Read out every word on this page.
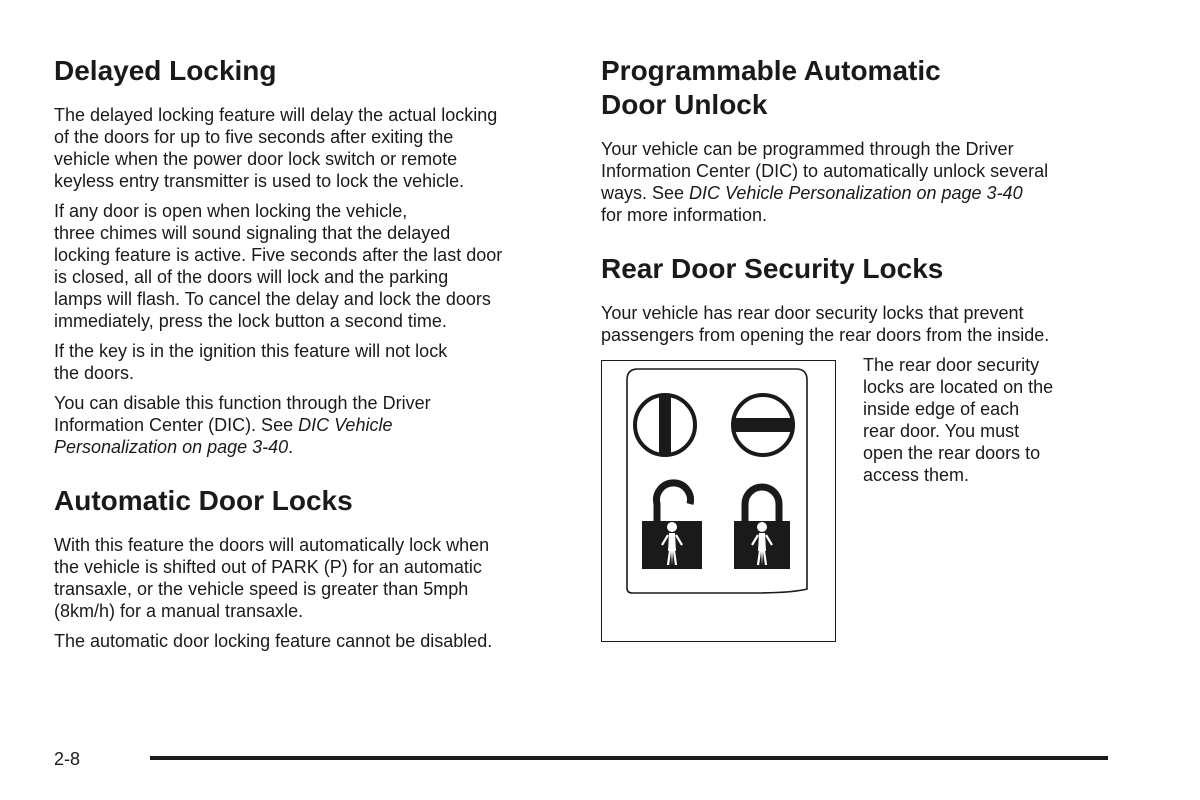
Delayed Locking

The delayed locking feature will delay the actual locking
of the doors for up to five seconds after exiting the
vehicle when the power door lock switch or remote
keyless entry transmitter is used to lock the vehicle.

If any door is open when locking the vehicle,
three chimes will sound signaling that the delayed
locking feature is active. Five seconds after the last door
is closed, all of the doors will lock and the parking
lamps will flash. To cancel the delay and lock the doors
immediately, press the lock button a second time.

If the key is in the ignition this feature will not lock
the doors.

You can disable this function through the Driver
Information Center (DIC). See DIC Vehicle
Personalization on page 3-40.

Automatic Door Locks

With this feature the doors will automatically lock when
the vehicle is shifted out of PARK (P) for an automatic
transaxle, or the vehicle speed is greater than 5mph
(8km/h) for a manual transaxle.

The automatic door locking feature cannot be disabled.

Programmable Automatic
Door Unlock

Your vehicle can be programmed through the Driver
Information Center (DIC) to automatically unlock several
ways. See DIC Vehicle Personalization on page 3-40
for more information.

Rear Door Security Locks

Your vehicle has rear door security locks that prevent
passengers from opening the rear doors from the inside.

The rear door security
locks are located on the
inside edge of each
rear door. You must
open the rear doors to
access them.

2-8
